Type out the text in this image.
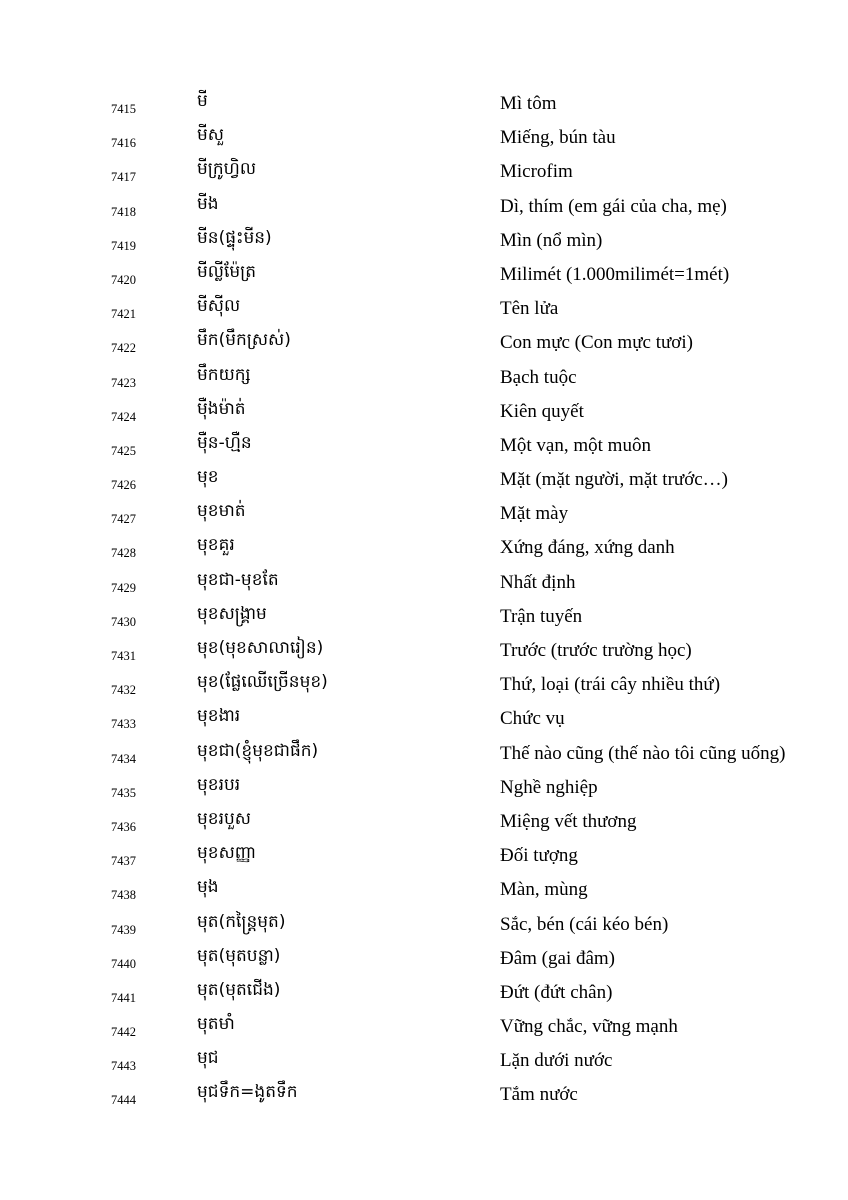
7415	មី	Mì tôm
7416	មីសួ	Miếng, bún tàu
7417	មីក្រូហ្វិល	Microfim
7418	មីង	Dì, thím (em gái của cha, mẹ)
7419	មីន(ផ្ទុះមីន)	Mìn (nổ mìn)
7420	មីល្លីម៉ែត្រ	Milimét (1.000milimét=1mét)
7421	មីស៊ីល	Tên lửa
7422	មឹក(មឹកស្រស់)	Con mực (Con mực tươi)
7423	មឹកយក្ស	Bạch tuộc
7424	ម៉ឺងម៉ាត់	Kiên quyết
7425	ម៉ឺន-ហ្មឺន	Một vạn, một muôn
7426	មុខ	Mặt (mặt người, mặt trước…)
7427	មុខមាត់	Mặt mày
7428	មុខគួរ	Xứng đáng, xứng danh
7429	មុខជា-មុខតែ	Nhất định
7430	មុខសង្គ្រាម	Trận tuyến
7431	មុខ(មុខសាលារៀន)	Trước (trước trường học)
7432	មុខ(ផ្លែឈើច្រើនមុខ)	Thứ, loại (trái cây nhiều thứ)
7433	មុខងារ	Chức vụ
7434	មុខជា(ខ្ញុំមុខជាផឹក)	Thế nào cũng (thế nào tôi cũng uống)
7435	មុខរបរ	Nghề nghiệp
7436	មុខរបួស	Miệng vết thương
7437	មុខសញ្ញា	Đối tượng
7438	មុង	Màn, mùng
7439	មុត(កន្ត្រៃមុត)	Sắc, bén (cái kéo bén)
7440	មុត(មុតបន្លា)	Đâm (gai đâm)
7441	មុត(មុតជើង)	Đứt (đứt chân)
7442	មុតមាំ	Vững chắc, vững mạnh
7443	មុជ	Lặn dưới nước
7444	មុជទឹក=ងូតទឹក	Tắm nước
